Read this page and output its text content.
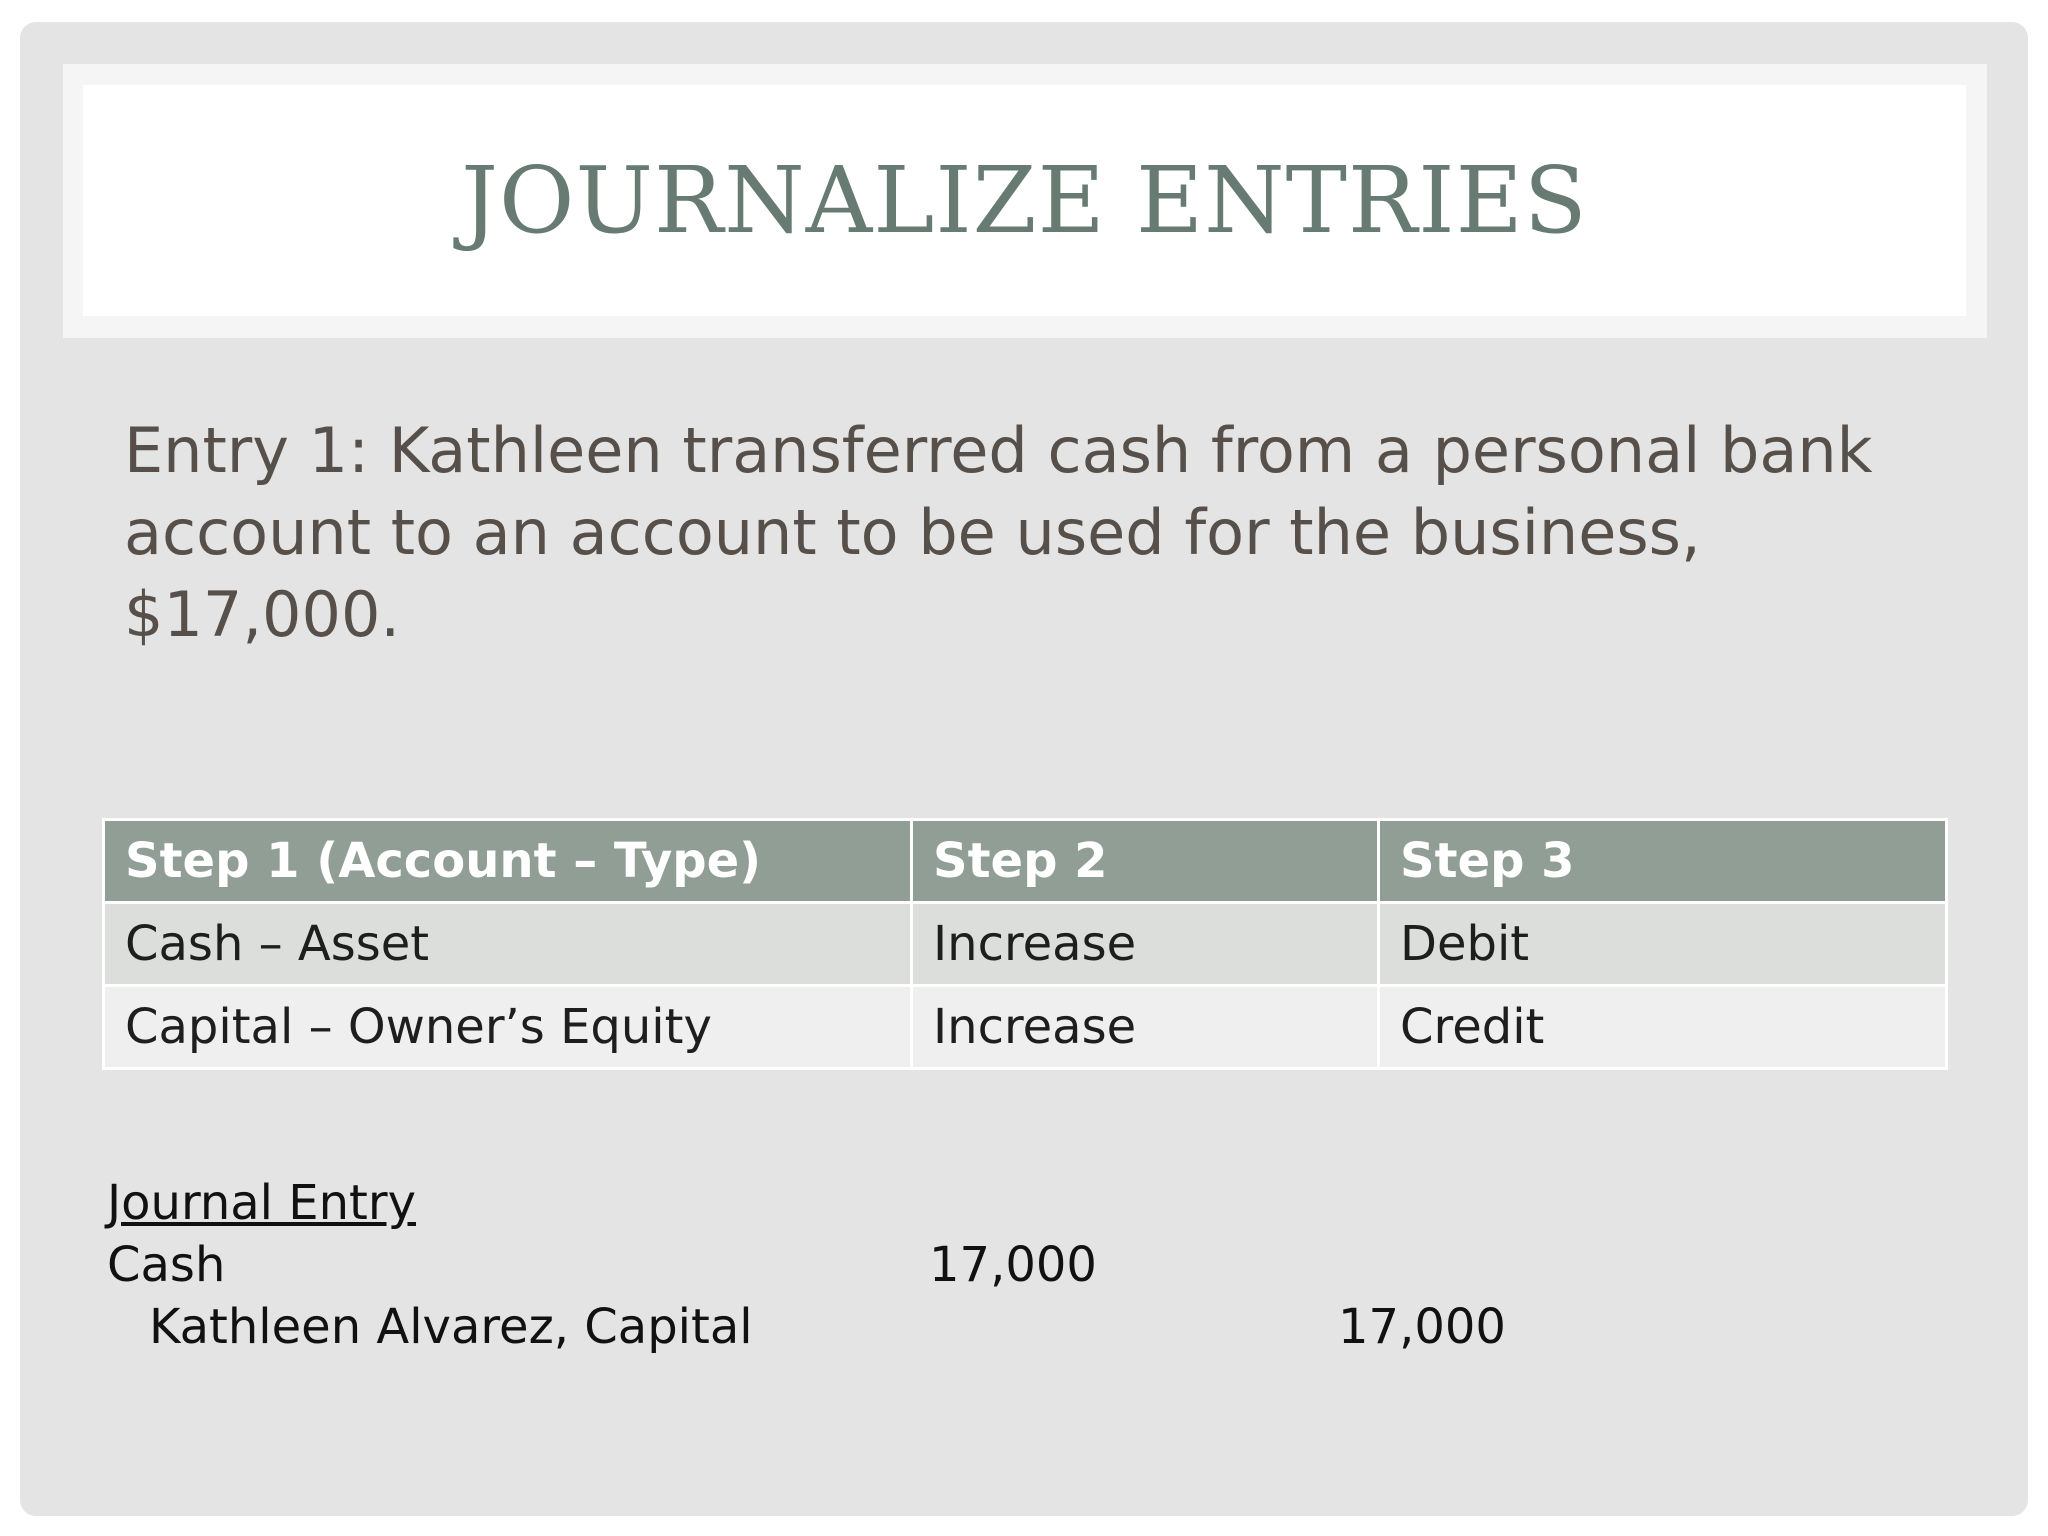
JOURNALIZE ENTRIES
Entry 1: Kathleen transferred cash from a personal bank account to an account to be used for the business, $17,000.
Step 1 (Account – Type)	Step 2	Step 3
Cash – Asset	Increase	Debit
Capital – Owner’s Equity	Increase	Credit
Journal Entry
Cash	17,000
Kathleen Alvarez, Capital	17,000
